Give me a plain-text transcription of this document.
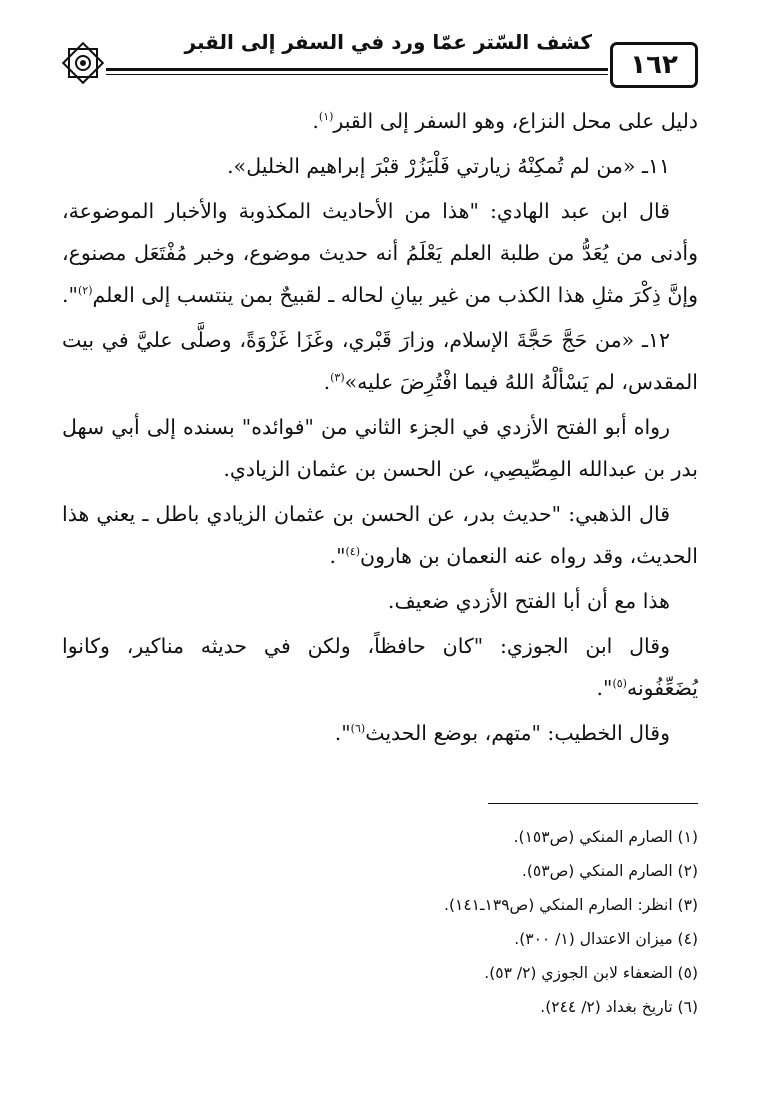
كشف السّتر عمّا ورد في السفر إلى القبر
١٦٢

دليل على محل النزاع، وهو السفر إلى القبر$^{(١)}$.

١١ـ «من لم تُمكِنْهُ زيارتي فَلْيَزُرْ قبْرَ إبراهيم الخليل».

قال ابن عبد الهادي: "هذا من الأحاديث المكذوبة والأخبار الموضوعة، وأدنى من يُعَدُّ من طلبة العلم يَعْلَمُ أنه حديث موضوع، وخبر مُفْتَعَل مصنوع، وإنَّ ذِكْرَ مثلِ هذا الكذب من غير بيانِ لحاله ـ لقبيحٌ بمن ينتسب إلى العلم$^{(٢)}$".

١٢ـ «من حَجَّ حَجَّةَ الإسلام، وزارَ قَبْري، وغَزَا غَزْوَةً، وصلَّى عليَّ في بيت المقدس، لم يَسْألْهُ اللهُ فيما افْتُرِضَ عليه»$^{(٣)}$.

رواه أبو الفتح الأزدي في الجزء الثاني من "فوائده" بسنده إلى أبي سهل بدر بن عبدالله المِصِّيصِي، عن الحسن بن عثمان الزيادي.

قال الذهبي: "حديث بدر، عن الحسن بن عثمان الزيادي باطل ـ يعني هذا الحديث، وقد رواه عنه النعمان بن هارون$^{(٤)}$".

هذا مع أن أبا الفتح الأزدي ضعيف.

وقال ابن الجوزي: "كان حافظاً، ولكن في حديثه مناكير، وكانوا يُضَعِّفُونه$^{(٥)}$".

وقال الخطيب: "متهم، بوضع الحديث$^{(٦)}$".

(١) الصارم المنكي (ص١٥٣).
(٢) الصارم المنكي (ص٥٣).
(٣) انظر: الصارم المنكي (ص١٣٩ـ١٤١).
(٤) ميزان الاعتدال (١/ ٣٠٠).
(٥) الضعفاء لابن الجوزي (٢/ ٥٣).
(٦) تاريخ بغداد (٢/ ٢٤٤).
